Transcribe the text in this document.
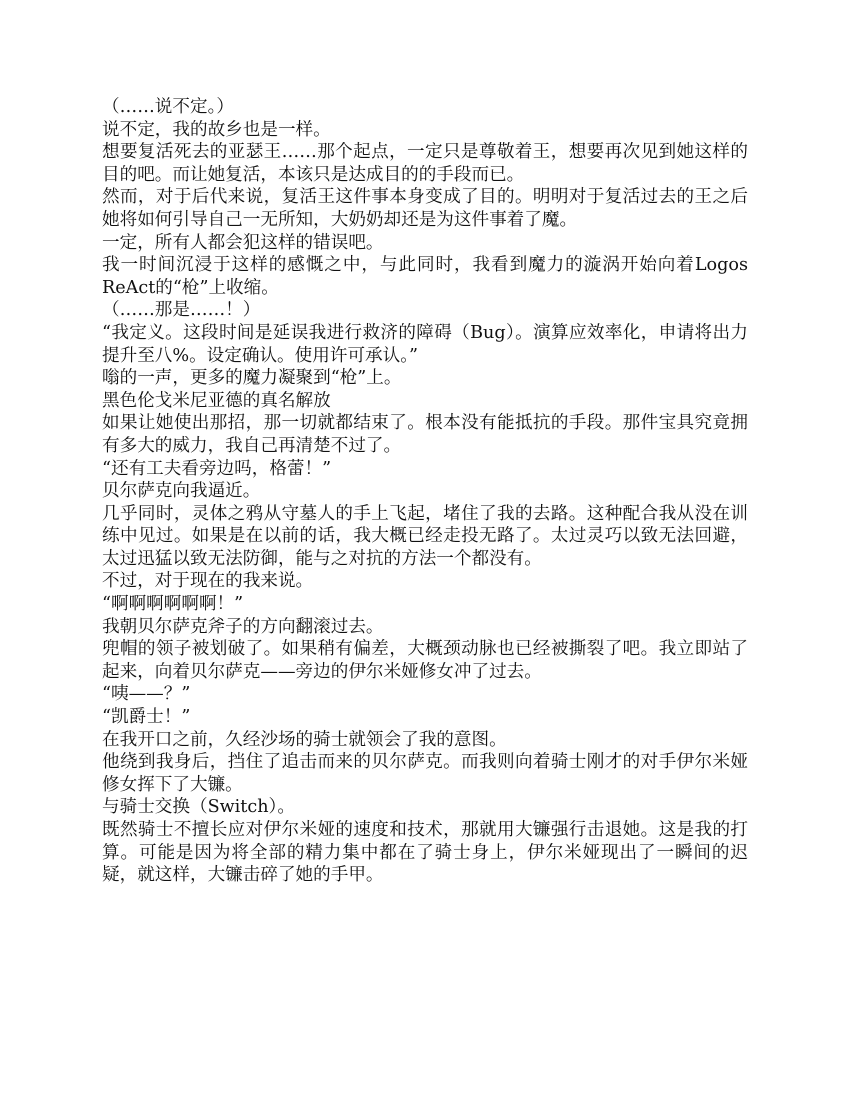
（……说不定。）

说不定，我的故乡也是一样。

想要复活死去的亚瑟王……那个起点，一定只是尊敬着王，想要再次见到她这样的目的吧。而让她复活，本该只是达成目的的手段而已。

然而，对于后代来说，复活王这件事本身变成了目的。明明对于复活过去的王之后她将如何引导自己一无所知，大奶奶却还是为这件事着了魔。

一定，所有人都会犯这样的错误吧。

我一时间沉浸于这样的感慨之中，与此同时，我看到魔力的漩涡开始向着Logos ReAct的“枪”上收缩。

（……那是……！）

“我定义。这段时间是延误我进行救济的障碍（Bug）。演算应效率化，申请将出力提升至八%。设定确认。使用许可承认。”

嗡的一声，更多的魔力凝聚到“枪”上。

黑色伦戈米尼亚德的真名解放

如果让她使出那招，那一切就都结束了。根本没有能抵抗的手段。那件宝具究竟拥有多大的威力，我自己再清楚不过了。

“还有工夫看旁边吗，格蕾！”

贝尔萨克向我逼近。

几乎同时，灵体之鸦从守墓人的手上飞起，堵住了我的去路。这种配合我从没在训练中见过。如果是在以前的话，我大概已经走投无路了。太过灵巧以致无法回避，太过迅猛以致无法防御，能与之对抗的方法一个都没有。

不过，对于现在的我来说。

“啊啊啊啊啊啊！”

我朝贝尔萨克斧子的方向翻滚过去。

兜帽的领子被划破了。如果稍有偏差，大概颈动脉也已经被撕裂了吧。我立即站了起来，向着贝尔萨克——旁边的伊尔米娅修女冲了过去。

“咦——？”

“凯爵士！”

在我开口之前，久经沙场的骑士就领会了我的意图。

他绕到我身后，挡住了追击而来的贝尔萨克。而我则向着骑士刚才的对手伊尔米娅修女挥下了大镰。

与骑士交换（Switch）。

既然骑士不擅长应对伊尔米娅的速度和技术，那就用大镰强行击退她。这是我的打算。可能是因为将全部的精力集中都在了骑士身上，伊尔米娅现出了一瞬间的迟疑，就这样，大镰击碎了她的手甲。
